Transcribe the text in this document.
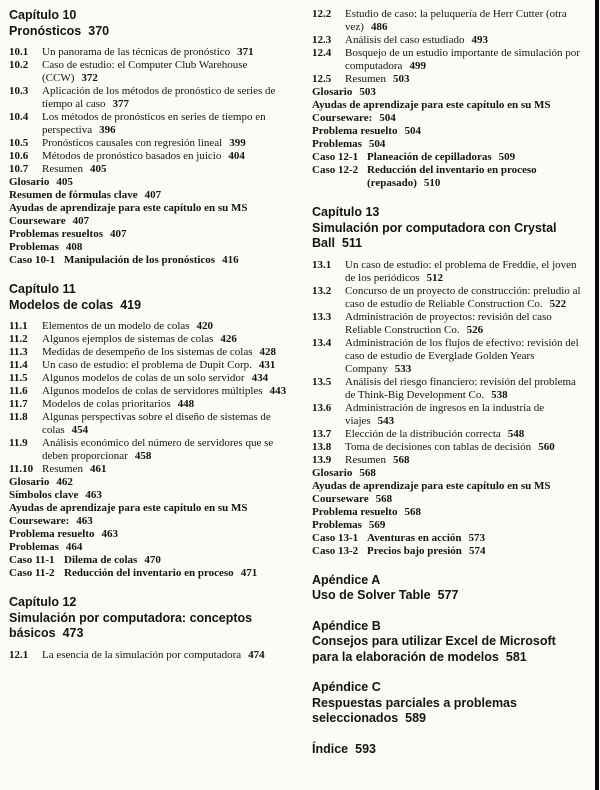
Capítulo 10
Pronósticos 370
10.1 Un panorama de las técnicas de pronóstico 371
10.2 Caso de estudio: el Computer Club Warehouse (CCW) 372
10.3 Aplicación de los métodos de pronóstico de series de tiempo al caso 377
10.4 Los métodos de pronósticos en series de tiempo en perspectiva 396
10.5 Pronósticos causales con regresión lineal 399
10.6 Métodos de pronóstico basados en juicio 404
10.7 Resumen 405
Glosario 405
Resumen de fórmulas clave 407
Ayudas de aprendizaje para este capítulo en su MS Courseware 407
Problemas resueltos 407
Problemas 408
Caso 10-1 Manipulación de los pronósticos 416
Capítulo 11
Modelos de colas 419
11.1 Elementos de un modelo de colas 420
11.2 Algunos ejemplos de sistemas de colas 426
11.3 Medidas de desempeño de los sistemas de colas 428
11.4 Un caso de estudio: el problema de Dupit Corp. 431
11.5 Algunos modelos de colas de un solo servidor 434
11.6 Algunos modelos de colas de servidores múltiples 443
11.7 Modelos de colas prioritarios 448
11.8 Algunas perspectivas sobre el diseño de sistemas de colas 454
11.9 Análisis económico del número de servidores que se deben proporcionar 458
11.10 Resumen 461
Glosario 462
Símbolos clave 463
Ayudas de aprendizaje para este capítulo en su MS Courseware: 463
Problema resuelto 463
Problemas 464
Caso 11-1 Dilema de colas 470
Caso 11-2 Reducción del inventario en proceso 471
Capítulo 12
Simulación por computadora: conceptos básicos 473
12.1 La esencia de la simulación por computadora 474
12.2 Estudio de caso: la peluquería de Herr Cutter (otra vez) 486
12.3 Análisis del caso estudiado 493
12.4 Bosquejo de un estudio importante de simulación por computadora 499
12.5 Resumen 503
Glosario 503
Ayudas de aprendizaje para este capítulo en su MS Courseware: 504
Problema resuelto 504
Problemas 504
Caso 12-1 Planeación de cepilladoras 509
Caso 12-2 Reducción del inventario en proceso (repasado) 510
Capítulo 13
Simulación por computadora con Crystal Ball 511
13.1 Un caso de estudio: el problema de Freddie, el joven de los periódicos 512
13.2 Concurso de un proyecto de construcción: preludio al caso de estudio de Reliable Construction Co. 522
13.3 Administración de proyectos: revisión del caso Reliable Construction Co. 526
13.4 Administración de los flujos de efectivo: revisión del caso de estudio de Everglade Golden Years Company 533
13.5 Análisis del riesgo financiero: revisión del problema de Think-Big Development Co. 538
13.6 Administración de ingresos en la industria de viajes 543
13.7 Elección de la distribución correcta 548
13.8 Toma de decisiones con tablas de decisión 560
13.9 Resumen 568
Glosario 568
Ayudas de aprendizaje para este capítulo en su MS Courseware 568
Problema resuelto 568
Problemas 569
Caso 13-1 Aventuras en acción 573
Caso 13-2 Precios bajo presión 574
Apéndice A
Uso de Solver Table 577
Apéndice B
Consejos para utilizar Excel de Microsoft para la elaboración de modelos 581
Apéndice C
Respuestas parciales a problemas seleccionados 589
Índice 593
